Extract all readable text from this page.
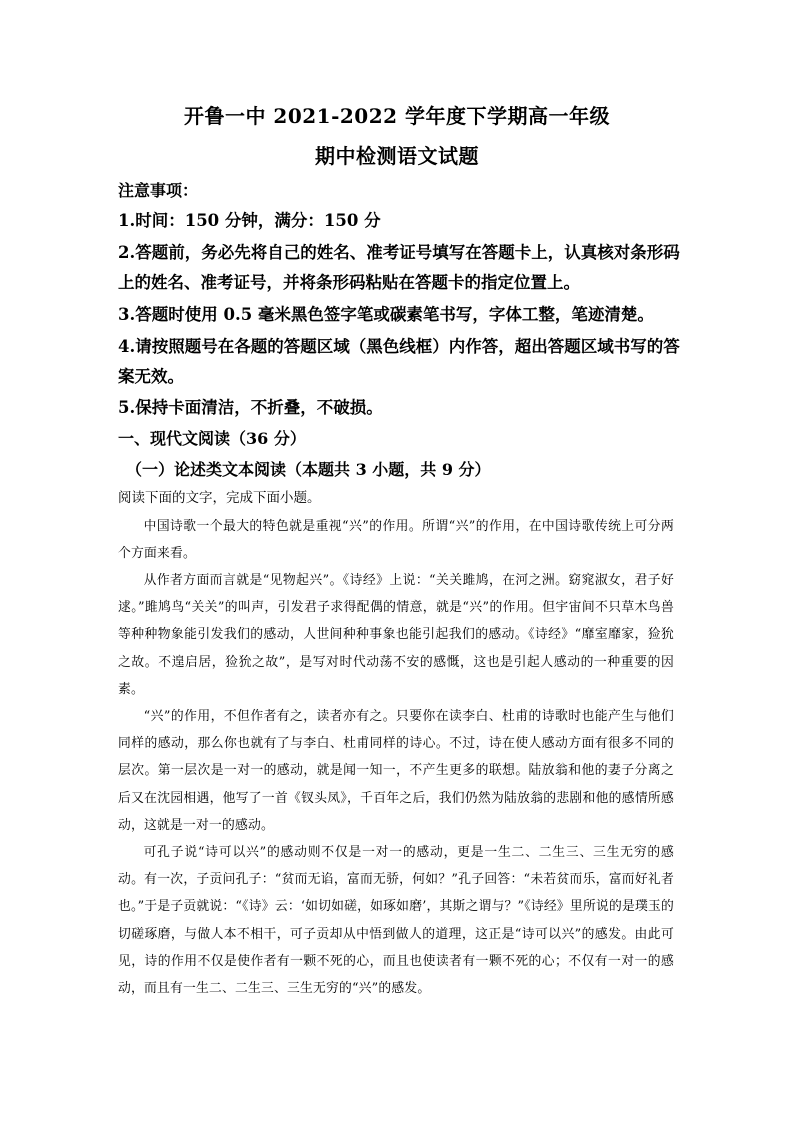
开鲁一中 2021-2022 学年度下学期高一年级
期中检测语文试题
注意事项：
1.时间：150 分钟，满分：150 分
2.答题前，务必先将自己的姓名、准考证号填写在答题卡上，认真核对条形码
上的姓名、准考证号，并将条形码粘贴在答题卡的指定位置上。
3.答题时使用 0.5 毫米黑色签字笔或碳素笔书写，字体工整，笔迹清楚。
4.请按照题号在各题的答题区域（黑色线框）内作答，超出答题区域书写的答
案无效。
5.保持卡面清洁，不折叠，不破损。
一、现代文阅读（36 分）
（一）论述类文本阅读（本题共 3 小题，共 9 分）
阅读下面的文字，完成下面小题。
中国诗歌一个最大的特色就是重视“兴”的作用。所谓“兴”的作用，在中国诗歌传统上可分两个方面来看。
从作者方面而言就是“见物起兴”。《诗经》上说：“关关雎鸠，在河之洲。窈窕淑女，君子好逑。”雎鸠鸟“关关”的叫声，引发君子求得配偶的情意，就是“兴”的作用。但宇宙间不只草木鸟兽等种种物象能引发我们的感动，人世间种种事象也能引起我们的感动。《诗经》“靡室靡家，猃狁之故。不遑启居，猃狁之故”，是写对时代动荡不安的感慨，这也是引起人感动的一种重要的因素。
“兴”的作用，不但作者有之，读者亦有之。只要你在读李白、杜甫的诗歌时也能产生与他们同样的感动，那么你也就有了与李白、杜甫同样的诗心。不过，诗在使人感动方面有很多不同的层次。第一层次是一对一的感动，就是闻一知一，不产生更多的联想。陆放翁和他的妻子分离之后又在沈园相遇，他写了一首《钗头凤》，千百年之后，我们仍然为陆放翁的悲剧和他的感情所感动，这就是一对一的感动。
可孔子说“诗可以兴”的感动则不仅是一对一的感动，更是一生二、二生三、三生无穷的感动。有一次，子贡问孔子：“贫而无谄，富而无骄，何如？”孔子回答：“未若贫而乐，富而好礼者也。”于是子贡就说：“《诗》云：‘如切如磋，如琢如磨’，其斯之谓与？”《诗经》里所说的是璞玉的切磋琢磨，与做人本不相干，可子贡却从中悟到做人的道理，这正是“诗可以兴”的感发。由此可见，诗的作用不仅是使作者有一颗不死的心，而且也使读者有一颗不死的心；不仅有一对一的感动，而且有一生二、二生三、三生无穷的“兴”的感发。
